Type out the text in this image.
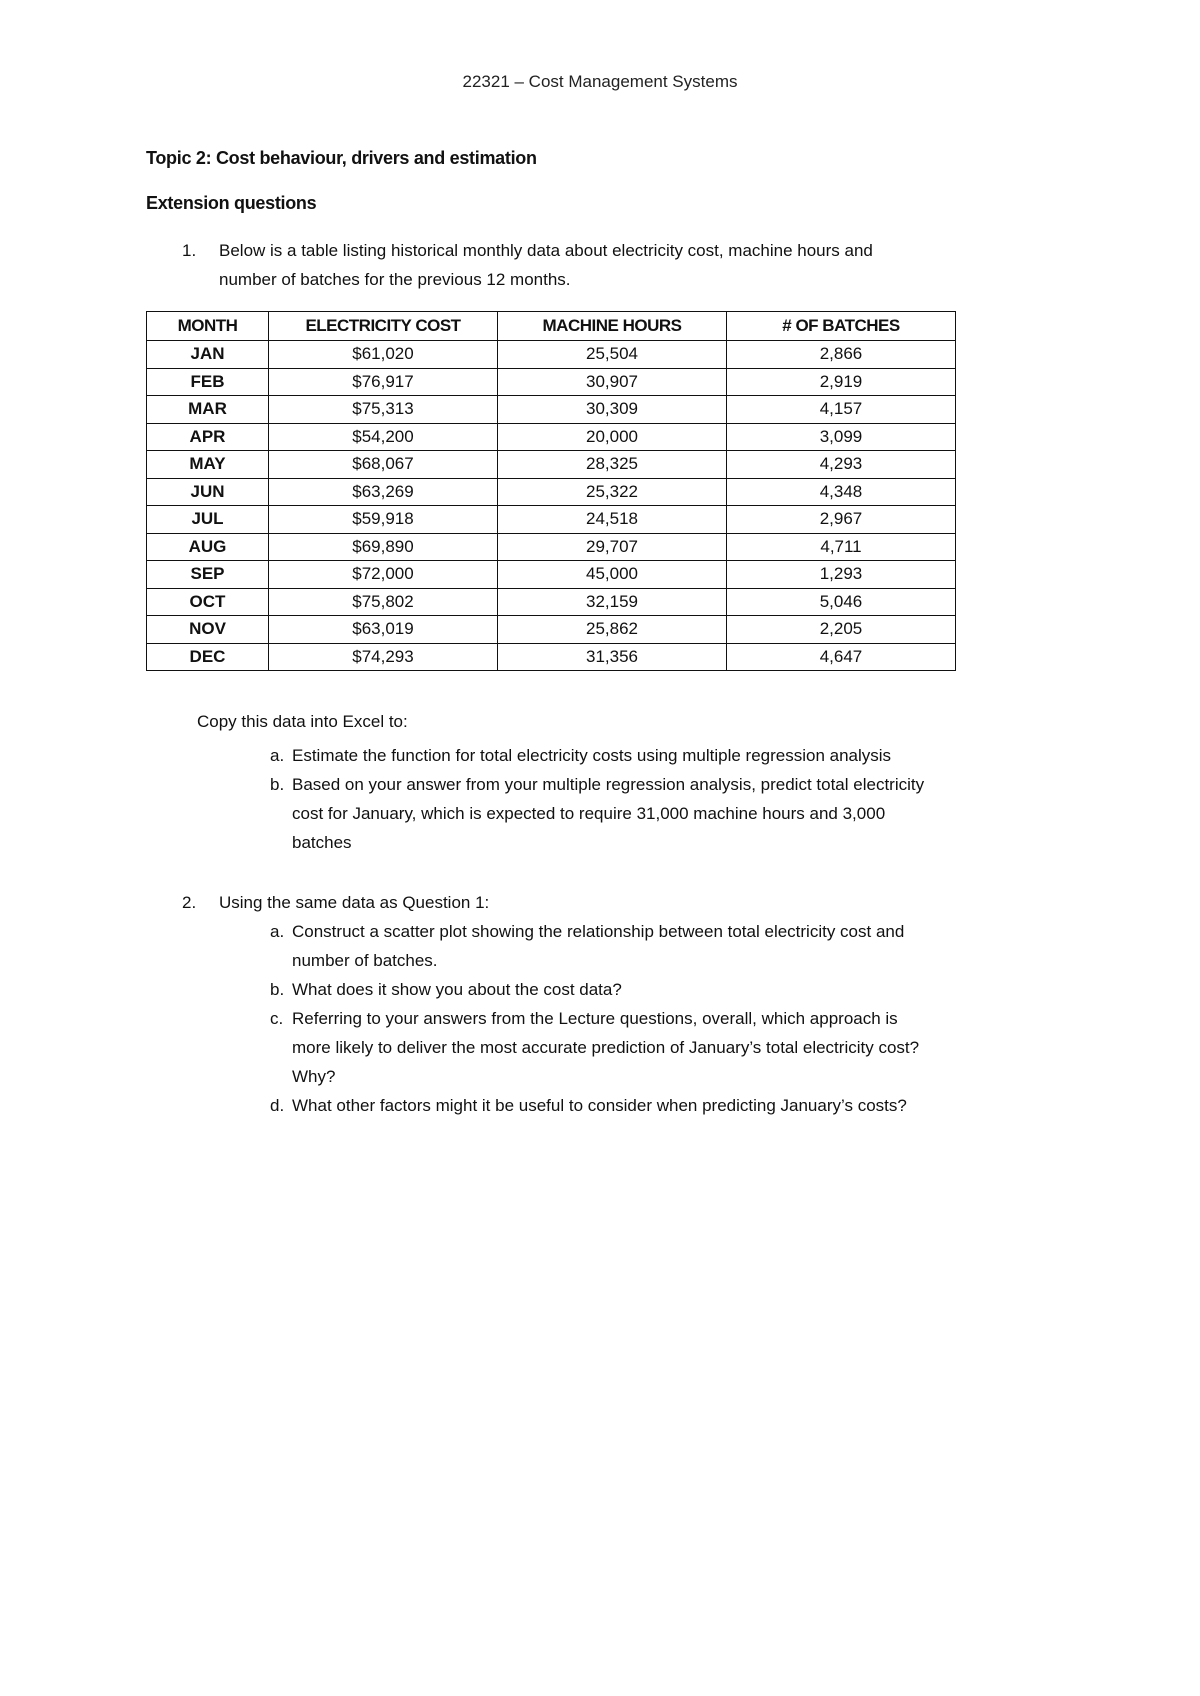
22321 – Cost Management Systems
Topic 2: Cost behaviour, drivers and estimation
Extension questions
1.	Below is a table listing historical monthly data about electricity cost, machine hours and
number of batches for the previous 12 months.
MONTH	ELECTRICITY COST	MACHINE HOURS	# OF BATCHES
JAN	$61,020	25,504	2,866
FEB	$76,917	30,907	2,919
MAR	$75,313	30,309	4,157
APR	$54,200	20,000	3,099
MAY	$68,067	28,325	4,293
JUN	$63,269	25,322	4,348
JUL	$59,918	24,518	2,967
AUG	$69,890	29,707	4,711
SEP	$72,000	45,000	1,293
OCT	$75,802	32,159	5,046
NOV	$63,019	25,862	2,205
DEC	$74,293	31,356	4,647
Copy this data into Excel to:
a. Estimate the function for total electricity costs using multiple regression analysis
b. Based on your answer from your multiple regression analysis, predict total electricity
cost for January, which is expected to require 31,000 machine hours and 3,000
batches
2.	Using the same data as Question 1:
a. Construct a scatter plot showing the relationship between total electricity cost and
number of batches.
b. What does it show you about the cost data?
c. Referring to your answers from the Lecture questions, overall, which approach is
more likely to deliver the most accurate prediction of January’s total electricity cost?
Why?
d. What other factors might it be useful to consider when predicting January’s costs?
